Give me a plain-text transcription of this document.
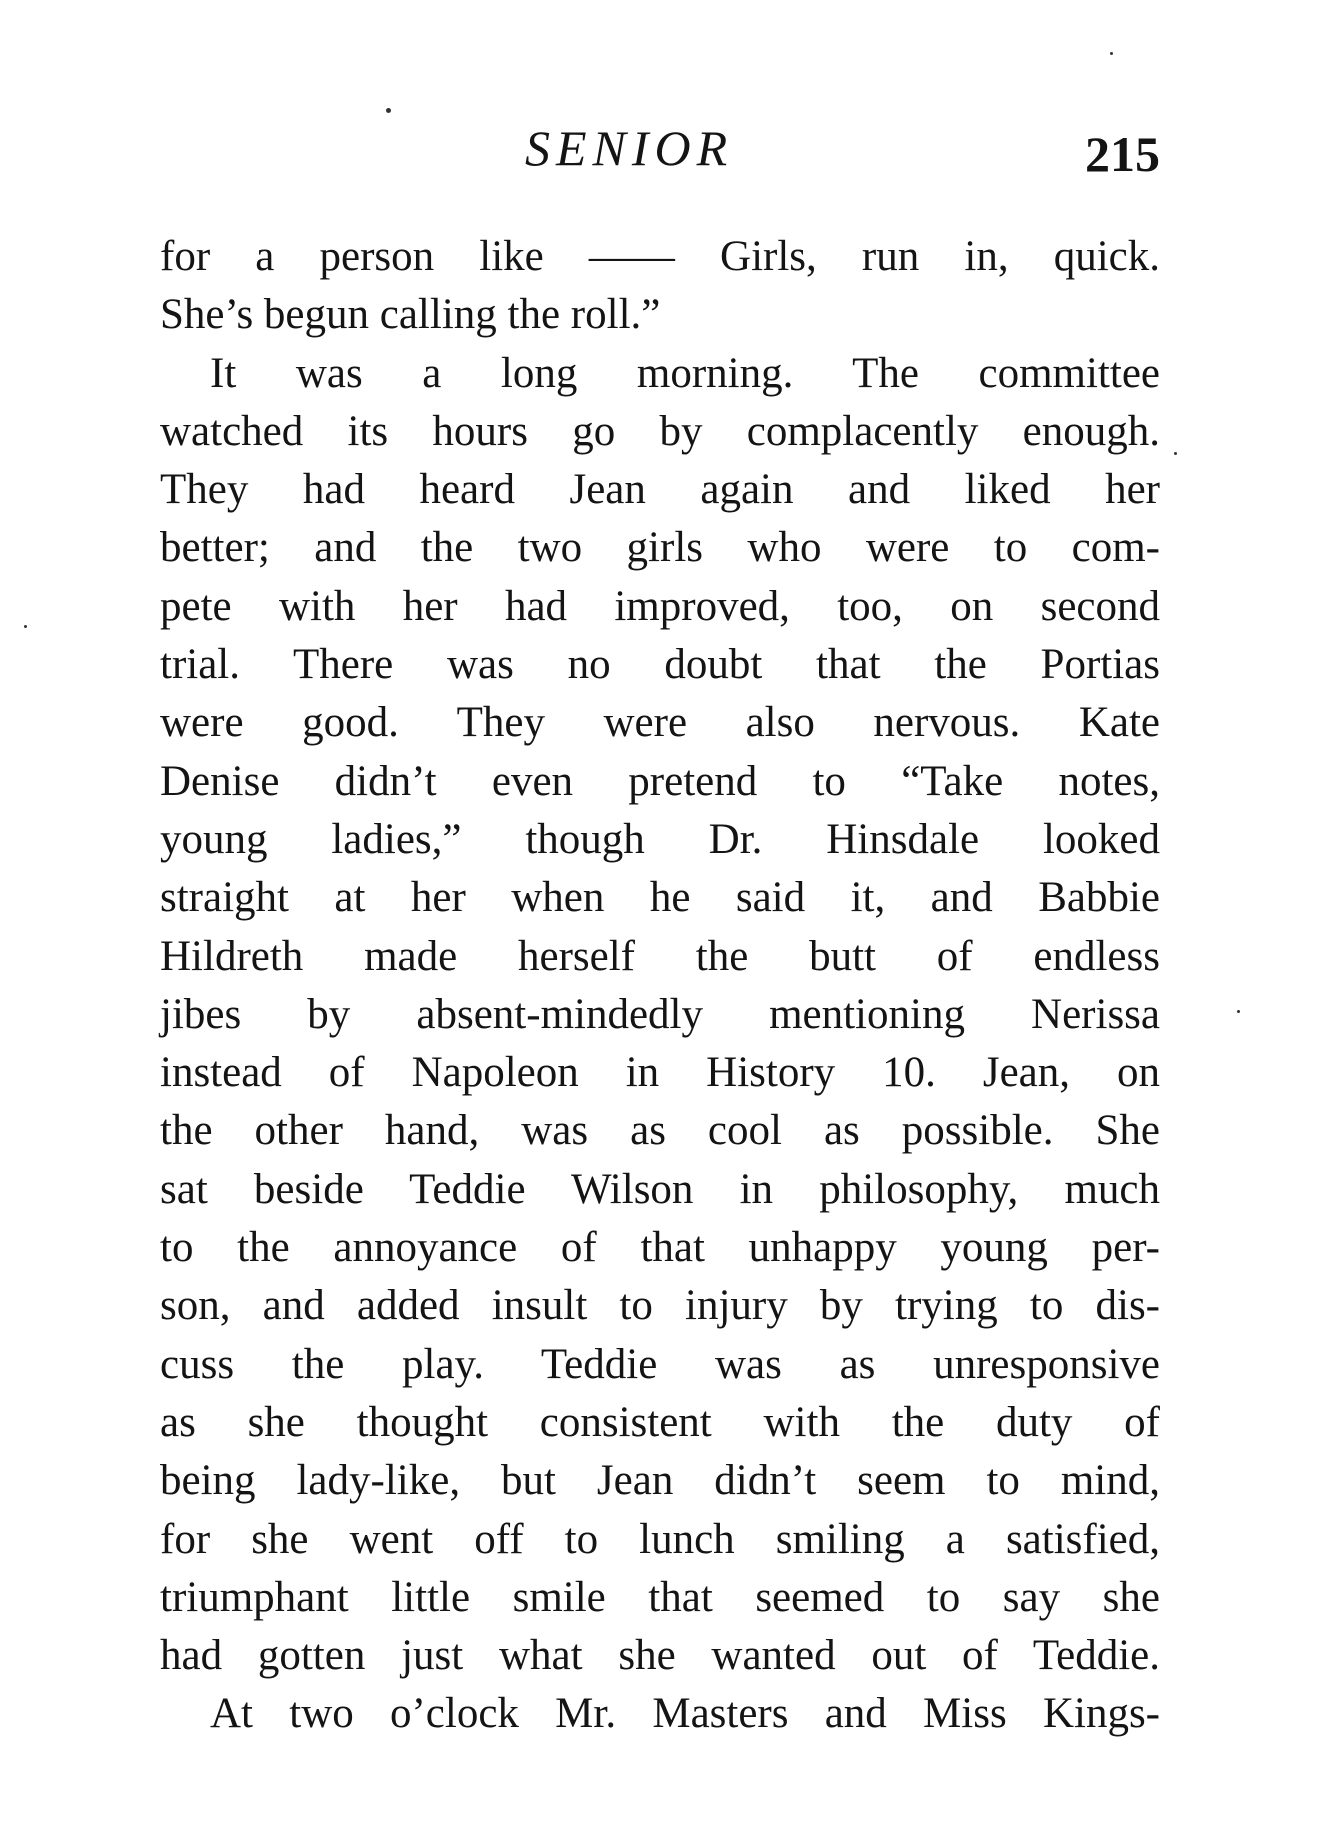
SENIOR	215
for a person like —— Girls, run in, quick.
She’s begun calling the roll.”
It was a long morning. The committee
watched its hours go by complacently enough.
They had heard Jean again and liked her
better; and the two girls who were to com-
pete with her had improved, too, on second
trial. There was no doubt that the Portias
were good. They were also nervous. Kate
Denise didn’t even pretend to “Take notes,
young ladies,” though Dr. Hinsdale looked
straight at her when he said it, and Babbie
Hildreth made herself the butt of endless
jibes by absent-mindedly mentioning Nerissa
instead of Napoleon in History 10. Jean, on
the other hand, was as cool as possible. She
sat beside Teddie Wilson in philosophy, much
to the annoyance of that unhappy young per-
son, and added insult to injury by trying to dis-
cuss the play. Teddie was as unresponsive
as she thought consistent with the duty of
being lady-like, but Jean didn’t seem to mind,
for she went off to lunch smiling a satisfied,
triumphant little smile that seemed to say she
had gotten just what she wanted out of Teddie.
At two o’clock Mr. Masters and Miss Kings-
